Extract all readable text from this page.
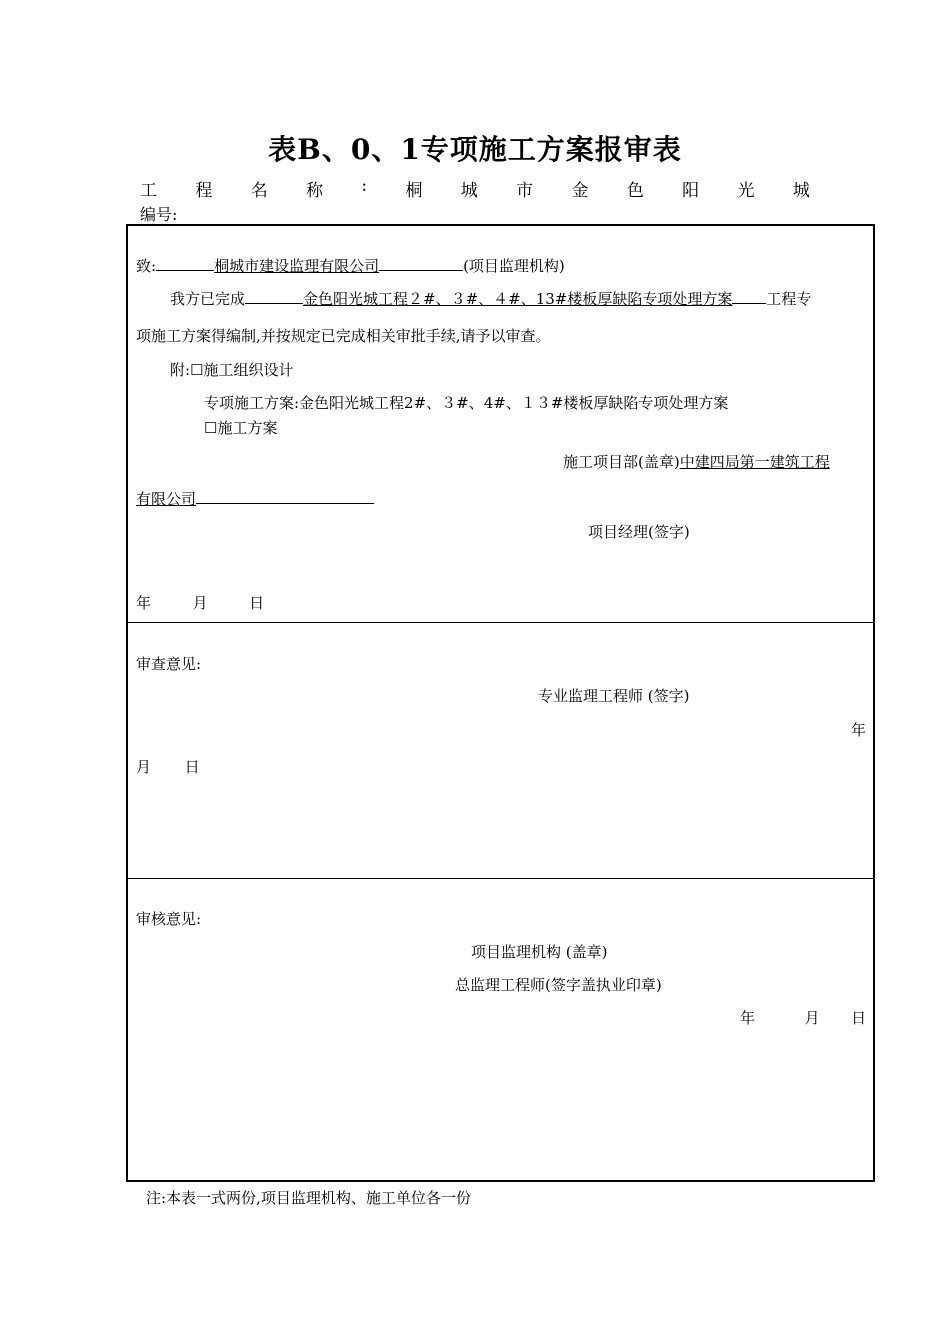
表B、0、1专项施工方案报审表
工 程 名 称 : 桐 城 市 金 色 阳 光 城
编号:
致:	桐城市建设监理有限公司	(项目监理机构)
我方已完成	金色阳光城工程２#、３#、４#、13#楼板厚缺陷专项处理方案 工程专
项施工方案得编制,并按规定已完成相关审批手续,请予以审查。
附:☐施工组织设计
专项施工方案:金色阳光城工程2#、３#、4#、１３#楼板厚缺陷专项处理方案
☐施工方案
施工项目部(盖章)中建四局第一建筑工程
有限公司
项目经理(签字)
年	月	日
审查意见:
专业监理工程师 (签字)
年
月 日
审核意见:
项目监理机构 (盖章)
总监理工程师(签字盖执业印章)
年	月 日
注:本表一式两份,项目监理机构、施工单位各一份
